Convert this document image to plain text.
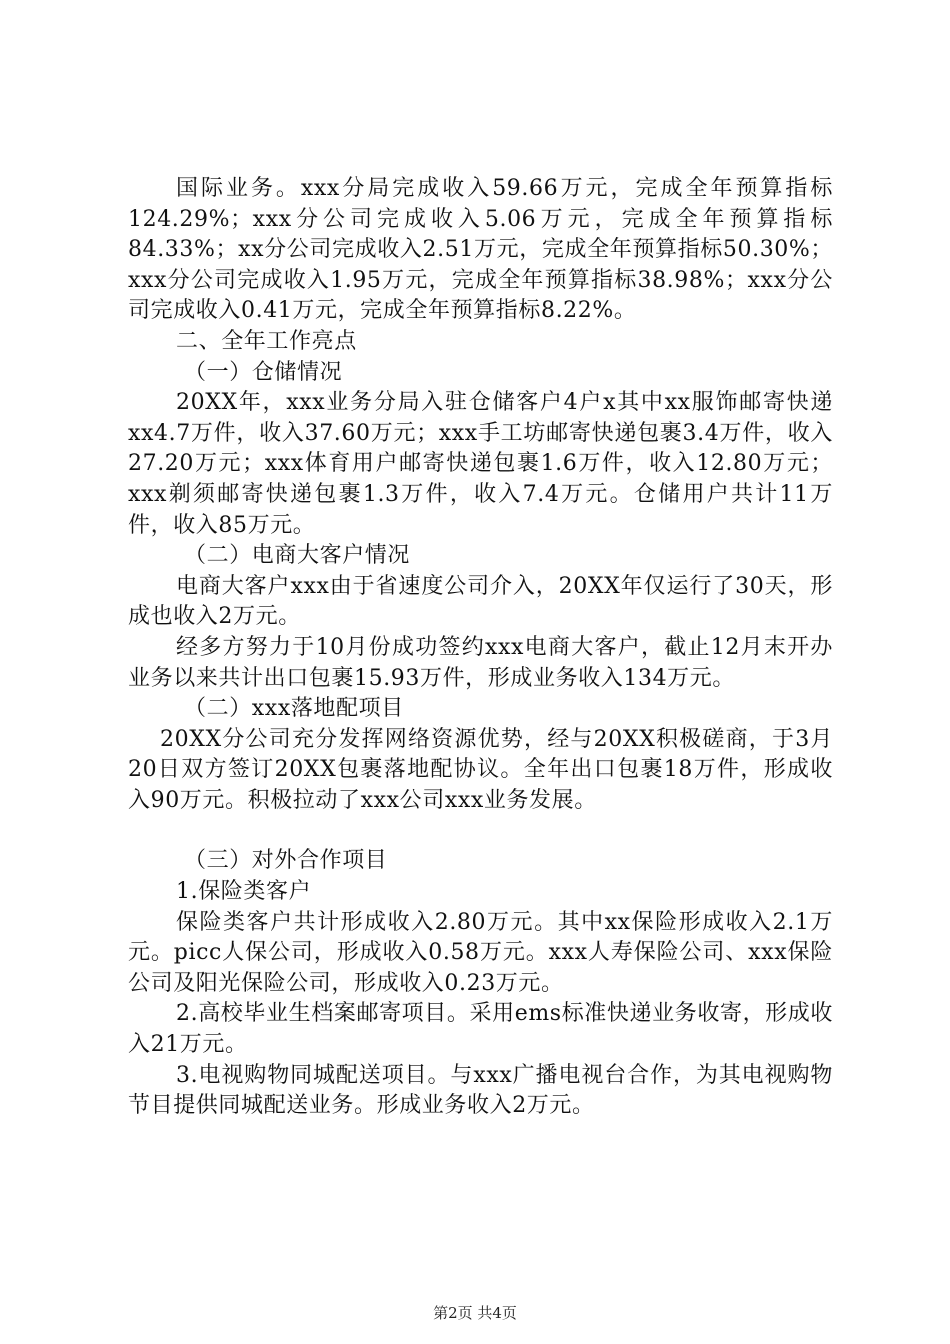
国际业务。xxx分局完成收入59.66万元，完成全年预算指标124.29%；xxx分公司完成收入5.06万元，完成全年预算指标84.33%；xx分公司完成收入2.51万元，完成全年预算指标50.30%；xxx分公司完成收入1.95万元，完成全年预算指标38.98%；xxx分公司完成收入0.41万元，完成全年预算指标8.22%。

二、全年工作亮点

（一）仓储情况

20XX年，xxx业务分局入驻仓储客户4户x其中xx服饰邮寄快递xx4.7万件，收入37.60万元；xxx手工坊邮寄快递包裹3.4万件，收入27.20万元；xxx体育用户邮寄快递包裹1.6万件，收入12.80万元；xxx剃须邮寄快递包裹1.3万件，收入7.4万元。仓储用户共计11万件，收入85万元。

（二）电商大客户情况

电商大客户xxx由于省速度公司介入，20XX年仅运行了30天，形成也收入2万元。

经多方努力于10月份成功签约xxx电商大客户，截止12月末开办业务以来共计出口包裹15.93万件，形成业务收入134万元。

（二）xxx落地配项目

20XX分公司充分发挥网络资源优势，经与20XX积极磋商，于3月20日双方签订20XX包裹落地配协议。全年出口包裹18万件，形成收入90万元。积极拉动了xxx公司xxx业务发展。

（三）对外合作项目

1.保险类客户

保险类客户共计形成收入2.80万元。其中xx保险形成收入2.1万元。picc人保公司，形成收入0.58万元。xxx人寿保险公司、xxx保险公司及阳光保险公司，形成收入0.23万元。

2.高校毕业生档案邮寄项目。采用ems标准快递业务收寄，形成收入21万元。

3.电视购物同城配送项目。与xxx广播电视台合作，为其电视购物节目提供同城配送业务。形成业务收入2万元。

第2页 共4页
